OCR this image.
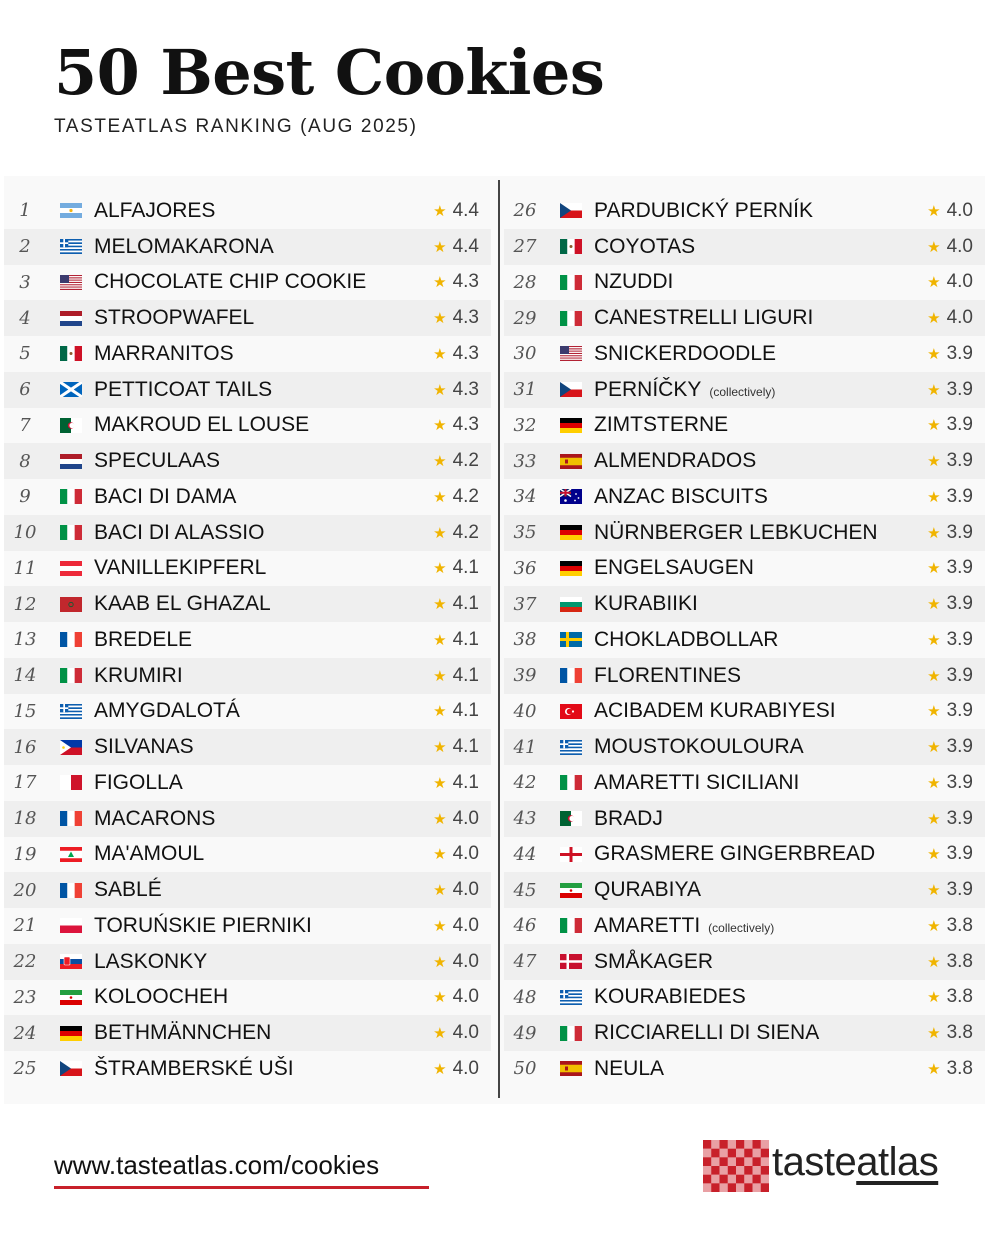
50 Best Cookies
TASTEATLAS RANKING (AUG 2025)
1	ALFAJORES	★ 4.4
2	MELOMAKARONA	★ 4.4
3	CHOCOLATE CHIP COOKIE	★ 4.3
4	STROOPWAFEL	★ 4.3
5	MARRANITOS	★ 4.3
6	PETTICOAT TAILS	★ 4.3
7	MAKROUD EL LOUSE	★ 4.3
8	SPECULAAS	★ 4.2
9	BACI DI DAMA	★ 4.2
10	BACI DI ALASSIO	★ 4.2
11	VANILLEKIPFERL	★ 4.1
12	KAAB EL GHAZAL	★ 4.1
13	BREDELE	★ 4.1
14	KRUMIRI	★ 4.1
15	AMYGDALOTÁ	★ 4.1
16	SILVANAS	★ 4.1
17	FIGOLLA	★ 4.1
18	MACARONS	★ 4.0
19	MA'AMOUL	★ 4.0
20	SABLÉ	★ 4.0
21	TORUŃSKIE PIERNIKI	★ 4.0
22	LASKONKY	★ 4.0
23	KOLOOCHEH	★ 4.0
24	BETHMÄNNCHEN	★ 4.0
25	ŠTRAMBERSKÉ UŠI	★ 4.0
26	PARDUBICKÝ PERNÍK	★ 4.0
27	COYOTAS	★ 4.0
28	NZUDDI	★ 4.0
29	CANESTRELLI LIGURI	★ 4.0
30	SNICKERDOODLE	★ 3.9
31	PERNÍČKY (collectively)	★ 3.9
32	ZIMTSTERNE	★ 3.9
33	ALMENDRADOS	★ 3.9
34	ANZAC BISCUITS	★ 3.9
35	NÜRNBERGER LEBKUCHEN	★ 3.9
36	ENGELSAUGEN	★ 3.9
37	KURABIIKI	★ 3.9
38	CHOKLADBOLLAR	★ 3.9
39	FLORENTINES	★ 3.9
40	ACIBADEM KURABIYESI	★ 3.9
41	MOUSTOKOULOURA	★ 3.9
42	AMARETTI SICILIANI	★ 3.9
43	BRADJ	★ 3.9
44	GRASMERE GINGERBREAD	★ 3.9
45	QURABIYA	★ 3.9
46	AMARETTI (collectively)	★ 3.8
47	SMÅKAGER	★ 3.8
48	KOURABIEDES	★ 3.8
49	RICCIARELLI DI SIENA	★ 3.8
50	NEULA	★ 3.8
www.tasteatlas.com/cookies	tasteatlas
